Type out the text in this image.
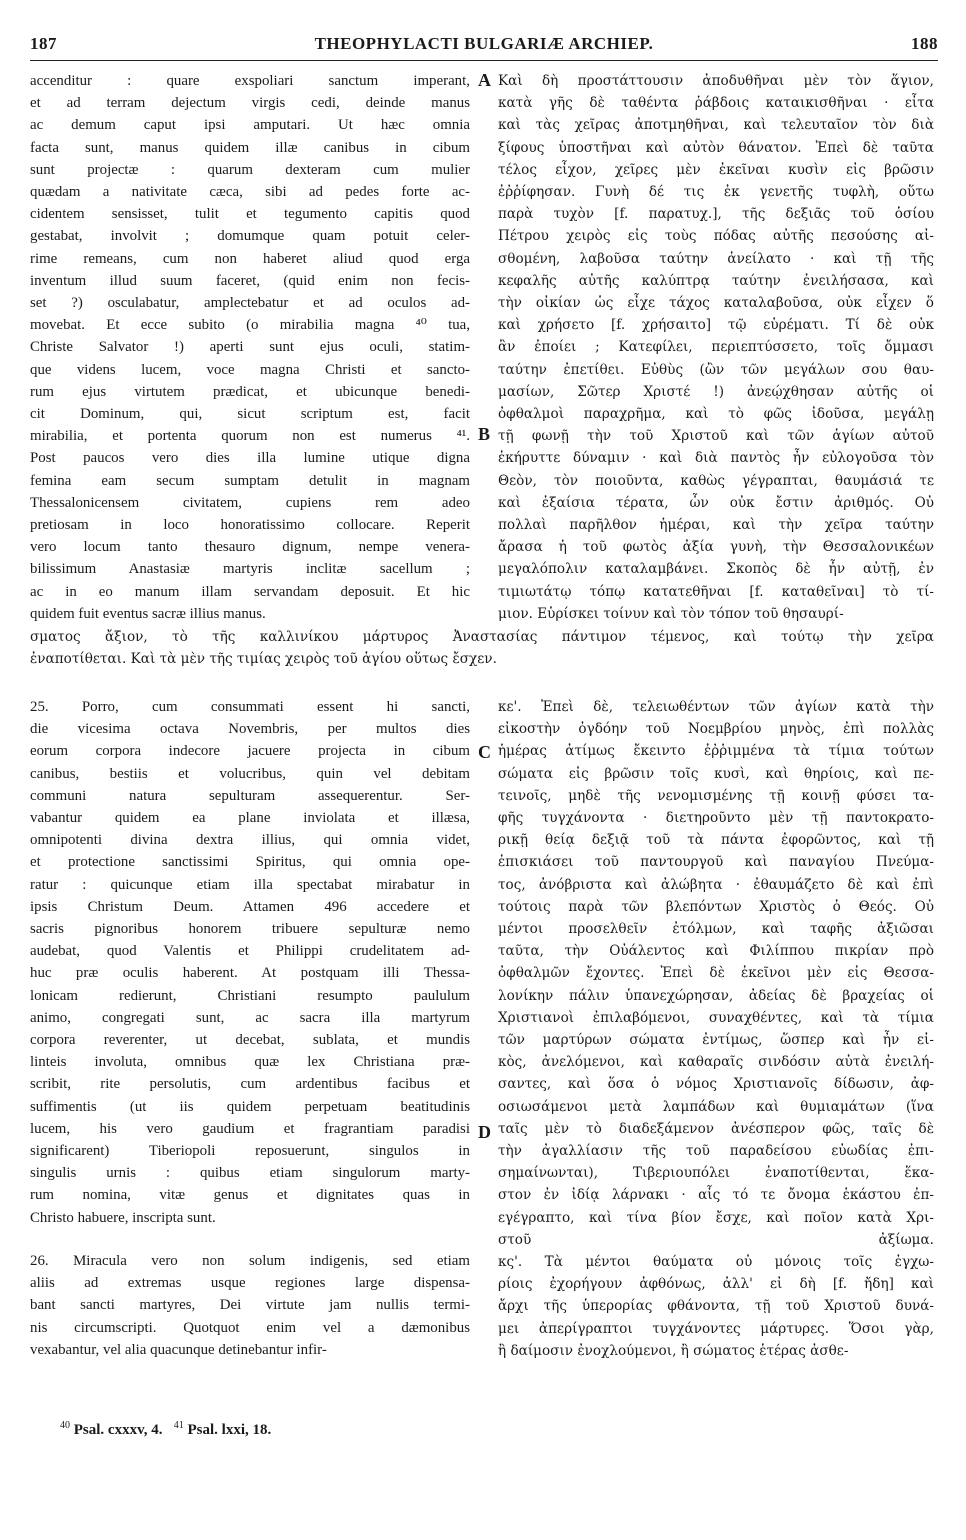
187	THEOPHYLACTI BULGARIÆ ARCHIEP.	188
A
B
C
D
accenditur : quare exspoliari sanctum imperant,
et ad terram dejectum virgis cedi, deinde manus
ac demum caput ipsi amputari. Ut hæc omnia
facta sunt, manus quidem illæ canibus in cibum
sunt projectæ : quarum dexteram cum mulier
quædam a nativitate cæca, sibi ad pedes forte ac-
cidentem sensisset, tulit et tegumento capitis quod
gestabat, involvit ; domumque quam potuit celer-
rime remeans, cum non haberet aliud quod erga
inventum illud suum faceret, (quid enim non fecis-
set ?) osculabatur, amplectebatur et ad oculos ad-
movebat. Et ecce subito (o mirabilia magna ⁴⁰ tua,
Christe Salvator !) aperti sunt ejus oculi, statim-
que videns lucem, voce magna Christi et sancto-
rum ejus virtutem prædicat, et ubicunque benedi-
cit Dominum, qui, sicut scriptum est, facit
mirabilia, et portenta quorum non est numerus ⁴¹.
Post paucos vero dies illa lumine utique digna
femina eam secum sumptam detulit in magnam
Thessalonicensem civitatem, cupiens rem adeo
pretiosam in loco honoratissimo collocare. Reperit
vero locum tanto thesauro dignum, nempe venera-
bilissimum Anastasiæ martyris inclitæ sacellum ;
ac in eo manum illam servandam deposuit. Et hic
quidem fuit eventus sacræ illius manus.
Καὶ δὴ προστάττουσιν ἀποδυθῆναι μὲν τὸν ἅγιον,
κατὰ γῆς δὲ ταθέντα ῥάβδοις καταικισθῆναι · εἶτα
καὶ τὰς χεῖρας ἀποτμηθῆναι, καὶ τελευταῖον τὸν διὰ
ξίφους ὑποστῆναι καὶ αὐτὸν θάνατον. Ἐπεὶ δὲ ταῦτα
τέλος εἶχον, χεῖρες μὲν ἐκεῖναι κυσὶν εἰς βρῶσιν
ἐῤῥίφησαν. Γυνὴ δέ τις ἐκ γενετῆς τυφλὴ, οὕτω
παρὰ τυχὸν [f. παρατυχ.], τῆς δεξιᾶς τοῦ ὁσίου
Πέτρου χειρὸς εἰς τοὺς πόδας αὐτῆς πεσούσης αἰ-
σθομένη, λαβοῦσα ταύτην ἀνείλατο · καὶ τῇ τῆς
κεφαλῆς αὐτῆς καλύπτρᾳ ταύτην ἐνειλήσασα, καὶ
τὴν οἰκίαν ὡς εἶχε τάχος καταλαβοῦσα, οὐκ εἶχεν ὅ
καὶ χρήσετο [f. χρήσαιτο] τῷ εὑρέματι. Τί δὲ οὐκ
ἂν ἐποίει ; Κατεφίλει, περιεπτύσσετο, τοῖς ὄμμασι
ταύτην ἐπετίθει. Εὐθὺς (ὢν τῶν μεγάλων σου θαυ-
μασίων, Σῶτερ Χριστέ !) ἀνεῴχθησαν αὐτῆς οἱ
ὀφθαλμοὶ παραχρῆμα, καὶ τὸ φῶς ἰδοῦσα, μεγάλῃ
τῇ φωνῇ τὴν τοῦ Χριστοῦ καὶ τῶν ἁγίων αὐτοῦ
ἐκήρυττε δύναμιν · καὶ διὰ παντὸς ἦν εὐλογοῦσα τὸν
Θεὸν, τὸν ποιοῦντα, καθὼς γέγραπται, θαυμάσιά τε
καὶ ἐξαίσια τέρατα, ὧν οὐκ ἔστιν ἀριθμός. Οὐ
πολλαὶ παρῆλθον ἡμέραι, καὶ τὴν χεῖρα ταύτην
ἄρασα ἡ τοῦ φωτὸς ἀξία γυνὴ, τὴν Θεσσαλονικέων
μεγαλόπολιν καταλαμβάνει. Σκοπὸς δὲ ἦν αὐτῇ, ἐν
τιμιωτάτῳ τόπῳ κατατεθῆναι [f. καταθεῖναι] τὸ τί-
μιον. Εὑρίσκει τοίνυν καὶ τὸν τόπον τοῦ θησαυρί-
σματος ἄξιον, τὸ τῆς καλλινίκου μάρτυρος Ἀναστασίας πάντιμον τέμενος, καὶ τούτῳ τὴν χεῖρα
ἐναποτίθεται. Καὶ τὰ μὲν τῆς τιμίας χειρὸς τοῦ ἁγίου οὕτως ἔσχεν.
25. Porro, cum consummati essent hi sancti,
die vicesima octava Novembris, per multos dies
eorum corpora indecore jacuere projecta in cibum
canibus, bestiis et volucribus, quin vel debitam
communi natura sepulturam assequerentur. Ser-
vabantur quidem ea plane inviolata et illæsa,
omnipotenti divina dextra illius, qui omnia videt,
et protectione sanctissimi Spiritus, qui omnia ope-
ratur : quicunque etiam illa spectabat mirabatur in
ipsis Christum Deum. Attamen 496 accedere et
sacris pignoribus honorem tribuere sepulturæ nemo
audebat, quod Valentis et Philippi crudelitatem ad-
huc præ oculis haberent. At postquam illi Thessa-
lonicam redierunt, Christiani resumpto paululum
animo, congregati sunt, ac sacra illa martyrum
corpora reverenter, ut decebat, sublata, et mundis
linteis involuta, omnibus quæ lex Christiana præ-
scribit, rite persolutis, cum ardentibus facibus et
suffimentis (ut iis quidem perpetuam beatitudinis
lucem, his vero gaudium et fragrantiam paradisi
significarent) Tiberiopoli reposuerunt, singulos in
singulis urnis : quibus etiam singulorum marty-
rum nomina, vitæ genus et dignitates quas in
Christo habuere, inscripta sunt.
26. Miracula vero non solum indigenis, sed etiam
aliis ad extremas usque regiones large dispensa-
bant sancti martyres, Dei virtute jam nullis termi-
nis circumscripti. Quotquot enim vel a dæmonibus
vexabantur, vel alia quacunque detinebantur infir-
κε'. Ἐπεὶ δὲ, τελειωθέντων τῶν ἁγίων κατὰ τὴν
εἰκοστὴν ὀγδόην τοῦ Νοεμβρίου μηνὸς, ἐπὶ πολλὰς
ἡμέρας ἀτίμως ἔκειντο ἐῤῥιμμένα τὰ τίμια τούτων
σώματα εἰς βρῶσιν τοῖς κυσὶ, καὶ θηρίοις, καὶ πε-
τεινοῖς, μηδὲ τῆς νενομισμένης τῇ κοινῇ φύσει τα-
φῆς τυγχάνοντα · διετηροῦντο μὲν τῇ παντοκρατο-
ρικῇ θείᾳ δεξιᾷ τοῦ τὰ πάντα ἐφορῶντος, καὶ τῇ
ἐπισκιάσει τοῦ παντουργοῦ καὶ παναγίου Πνεύμα-
τος, ἀνόβριστα καὶ ἀλώβητα · ἐθαυμάζετο δὲ καὶ ἐπὶ
τούτοις παρὰ τῶν βλεπόντων Χριστὸς ὁ Θεός. Οὐ
μέντοι προσελθεῖν ἐτόλμων, καὶ ταφῆς ἀξιῶσαι
ταῦτα, τὴν Οὐάλεντος καὶ Φιλίππου πικρίαν πρὸ
ὀφθαλμῶν ἔχοντες. Ἐπεὶ δὲ ἐκεῖνοι μὲν εἰς Θεσσα-
λονίκην πάλιν ὑπανεχώρησαν, ἀδείας δὲ βραχείας οἱ
Χριστιανοὶ ἐπιλαβόμενοι, συναχθέντες, καὶ τὰ τίμια
τῶν μαρτύρων σώματα ἐντίμως, ὥσπερ καὶ ἦν εἰ-
κὸς, ἀνελόμενοι, καὶ καθαραῖς σινδόσιν αὐτὰ ἐνειλή-
σαντες, καὶ ὅσα ὁ νόμος Χριστιανοῖς δίδωσιν, ἀφ-
οσιωσάμενοι μετὰ λαμπάδων καὶ θυμιαμάτων (ἵνα
ταῖς μὲν τὸ διαδεξάμενον ἀνέσπερον φῶς, ταῖς δὲ
τὴν ἀγαλλίασιν τῆς τοῦ παραδείσου εὐωδίας ἐπι-
σημαίνωνται), Τιβεριουπόλει ἐναποτίθενται, ἕκα-
στον ἐν ἰδίᾳ λάρνακι · αἷς τό τε ὄνομα ἑκάστου ἐπ-
εγέγραπτο, καὶ τίνα βίον ἔσχε, καὶ ποῖον κατὰ Χρι-
στοῦ ἀξίωμα.
κς'. Τὰ μέντοι θαύματα οὐ μόνοις τοῖς ἐγχω-
ρίοις ἐχορήγουν ἀφθόνως, ἀλλ' εἰ δὴ [f. ἤδη] καὶ
ἄρχι τῆς ὑπερορίας φθάνοντα, τῇ τοῦ Χριστοῦ δυνά-
μει ἀπερίγραπτοι τυγχάνοντες μάρτυρες. Ὅσοι γὰρ,
ἢ δαίμοσιν ἐνοχλούμενοι, ἢ σώματος ἑτέρας ἀσθε-
$^{40}$ Psal. cxxxv, 4. $^{41}$ Psal. lxxi, 18.
